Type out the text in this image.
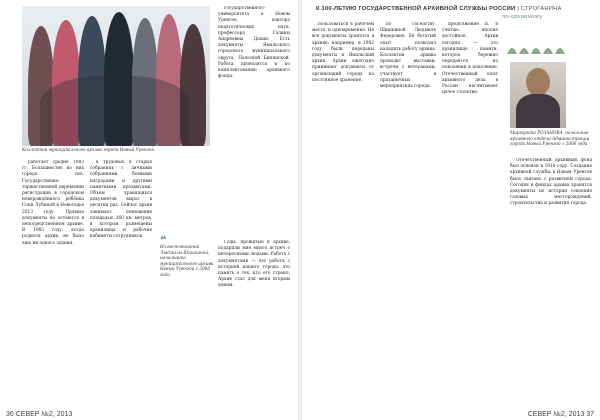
Коллектив муниципального архива города Новый Уренгой

работает средне 1983 гг. Большинство из них города сил. Государственно-торжественной церемонии регистрации в городском новорождённого ребёнка Сони Лубиной в Новогодье 2013 году. Прямые документы не остаются в непосредственном архиве. В 1983 году, когда родился архив, не было еще ни одного здания.

в трудовых в старых собраниях с личными собраниями, боевыми наградами и другими памятными предметами. Объём хранящихся документов вырос в десятки раз. Сейчас архив занимает помещение площадью 260 кв. метров, в котором размещены хранилища и рабочие кабинеты сотрудников.

государственного университета в Новом Уренгое, доктора педагогических наук, профессора Галины Андреевны Дахин. Есть документы Ямальского городского муниципального округа, Пальской Бинянской. Работа проводится и по комплектованию архивного фонда.

❝
Из воспоминаний Людмилы Шишкиной, начальника муниципального архива Новый Уренгой с 2006 года

Годы, прожитые в архиве, подарили мне много встреч с интересными людьми. Работа с документами — это работа с историей нашего города, это память о тех, кто его строил. Архив стал для меня вторым домом.

36 СЕВЕР №2, 2013
К 100-ЛЕТИЮ ГОСУДАРСТВЕННОЙ АРХИВНОЙ СЛУЖБЫ РОССИИ | СТРОГАНИНА
по-архивному

пользоваться в рабочем месте, и одновременно. Не все документы хранятся в архиве: например, в 1992 году были переданы документы в Ямальский архив. Архив ежегодно принимает документы от организаций города на постоянное хранение.

по соседству. Шишкиной Людмиле Федоровне. Её богатый опыт позволил наладить работу архива. Коллектив архива проводит выставки, встречи с ветеранами, участвует в праздничных мероприятиях города.

продолжение и, я считаю, вполне достойное. Архив сегодня — это хранилище памяти, которое бережно передаётся из поколения в поколение. Отечественный опыт архивного дела в России насчитывает целое столетие.

Маргарита РОЗАНОВА, начальник архивного отдела Администрации города Новый Уренгой с 2006 года

Отечественный архивный фонд был основан в 1918 году. Создание архивной службы в Новом Уренгое было связано с развитием города. Сегодня в фондах архива хранятся документы по истории освоения газовых месторождений, строительства и развития города.

СЕВЕР №2, 2013 37
